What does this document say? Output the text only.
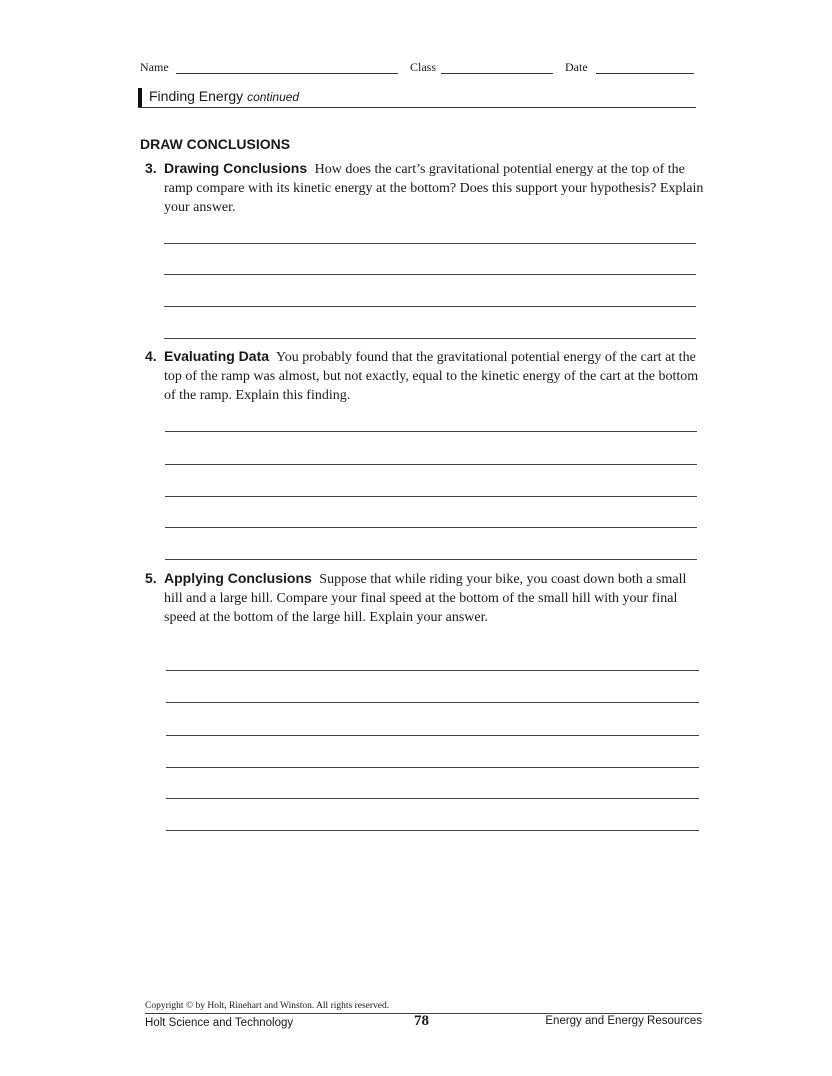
Name	Class	Date
Finding Energy continued
DRAW CONCLUSIONS
3. Drawing Conclusions How does the cart’s gravitational potential energy at the top of the ramp compare with its kinetic energy at the bottom? Does this support your hypothesis? Explain your answer.
4. Evaluating Data You probably found that the gravitational potential energy of the cart at the top of the ramp was almost, but not exactly, equal to the kinetic energy of the cart at the bottom of the ramp. Explain this finding.
5. Applying Conclusions Suppose that while riding your bike, you coast down both a small hill and a large hill. Compare your final speed at the bottom of the small hill with your final speed at the bottom of the large hill. Explain your answer.
Copyright © by Holt, Rinehart and Winston. All rights reserved.
Holt Science and Technology	78	Energy and Energy Resources
